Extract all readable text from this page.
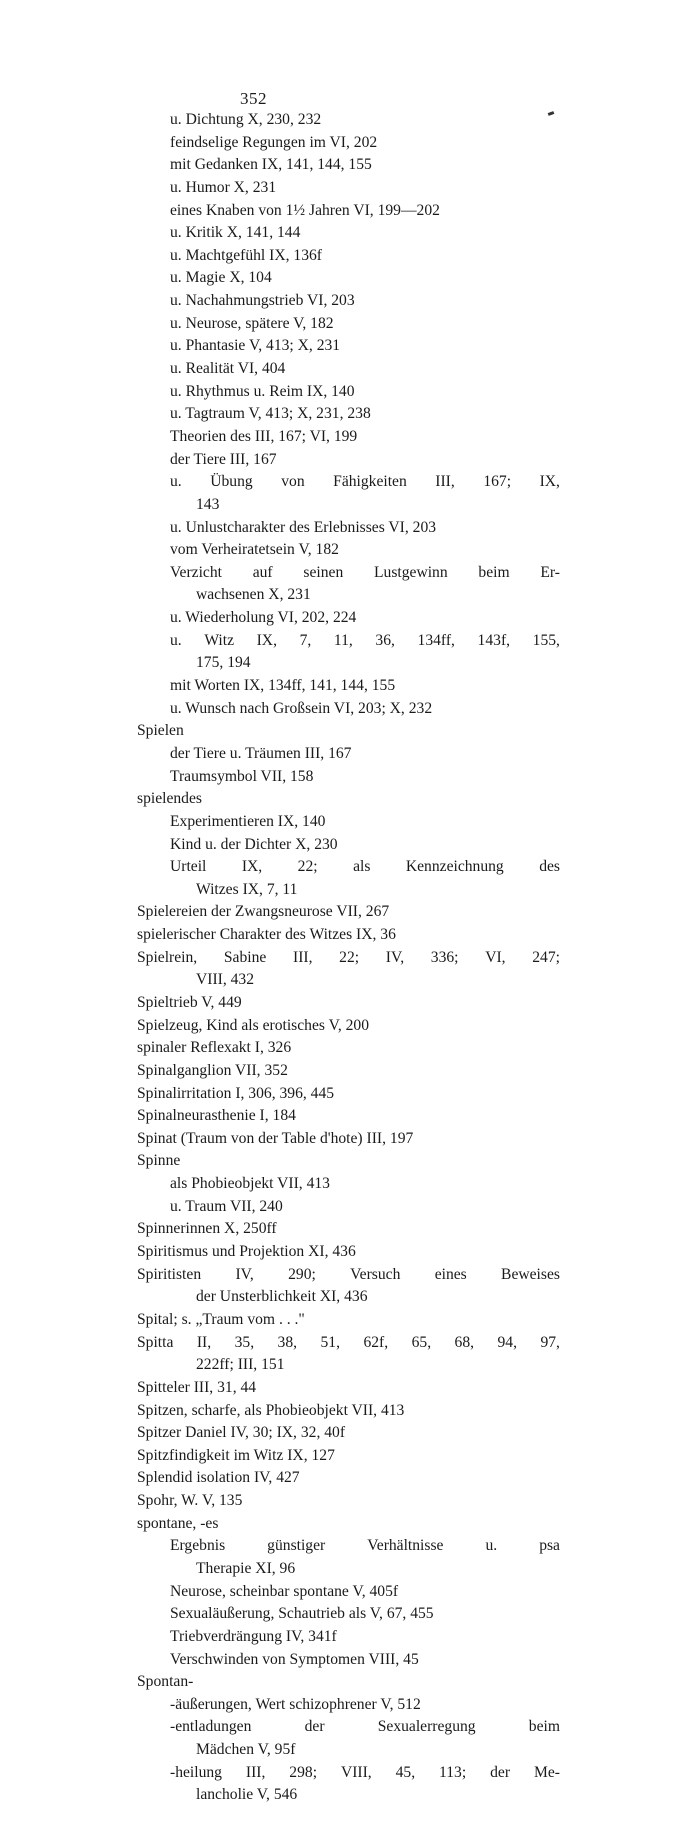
352
u. Dichtung X, 230, 232
feindselige Regungen im VI, 202
mit Gedanken IX, 141, 144, 155
u. Humor X, 231
eines Knaben von 1½ Jahren VI, 199—202
u. Kritik X, 141, 144
u. Machtgefühl IX, 136f
u. Magie X, 104
u. Nachahmungstrieb VI, 203
u. Neurose, spätere V, 182
u. Phantasie V, 413; X, 231
u. Realität VI, 404
u. Rhythmus u. Reim IX, 140
u. Tagtraum V, 413; X, 231, 238
Theorien des III, 167; VI, 199
der Tiere III, 167
u. Übung von Fähigkeiten III, 167; IX,
143
u. Unlustcharakter des Erlebnisses VI, 203
vom Verheiratetsein V, 182
Verzicht auf seinen Lustgewinn beim Er-
wachsenen X, 231
u. Wiederholung VI, 202, 224
u. Witz IX, 7, 11, 36, 134ff, 143f, 155,
175, 194
mit Worten IX, 134ff, 141, 144, 155
u. Wunsch nach Großsein VI, 203; X, 232
Spielen
der Tiere u. Träumen III, 167
Traumsymbol VII, 158
spielendes
Experimentieren IX, 140
Kind u. der Dichter X, 230
Urteil IX, 22; als Kennzeichnung des
Witzes IX, 7, 11
Spielereien der Zwangsneurose VII, 267
spielerischer Charakter des Witzes IX, 36
Spielrein, Sabine III, 22; IV, 336; VI, 247;
VIII, 432
Spieltrieb V, 449
Spielzeug, Kind als erotisches V, 200
spinaler Reflexakt I, 326
Spinalganglion VII, 352
Spinalirritation I, 306, 396, 445
Spinalneurasthenie I, 184
Spinat (Traum von der Table d'hote) III, 197
Spinne
als Phobieobjekt VII, 413
u. Traum VII, 240
Spinnerinnen X, 250ff
Spiritismus und Projektion XI, 436
Spiritisten IV, 290; Versuch eines Beweises
der Unsterblichkeit XI, 436
Spital; s. „Traum vom . . ."
Spitta II, 35, 38, 51, 62f, 65, 68, 94, 97,
222ff; III, 151
Spitteler III, 31, 44
Spitzen, scharfe, als Phobieobjekt VII, 413
Spitzer Daniel IV, 30; IX, 32, 40f
Spitzfindigkeit im Witz IX, 127
Splendid isolation IV, 427
Spohr, W. V, 135
spontane, -es
Ergebnis	günstiger	Verhältnisse	u.	psa
Therapie XI, 96
Neurose, scheinbar spontane V, 405f
Sexualäußerung, Schautrieb als V, 67, 455
Triebverdrängung IV, 341f
Verschwinden von Symptomen VIII, 45
Spontan-
-äußerungen, Wert schizophrener V, 512
-entladungen	der	Sexualerregung	beim
Mädchen V, 95f
-heilung III, 298; VIII, 45, 113; der Me-
lancholie V, 546
